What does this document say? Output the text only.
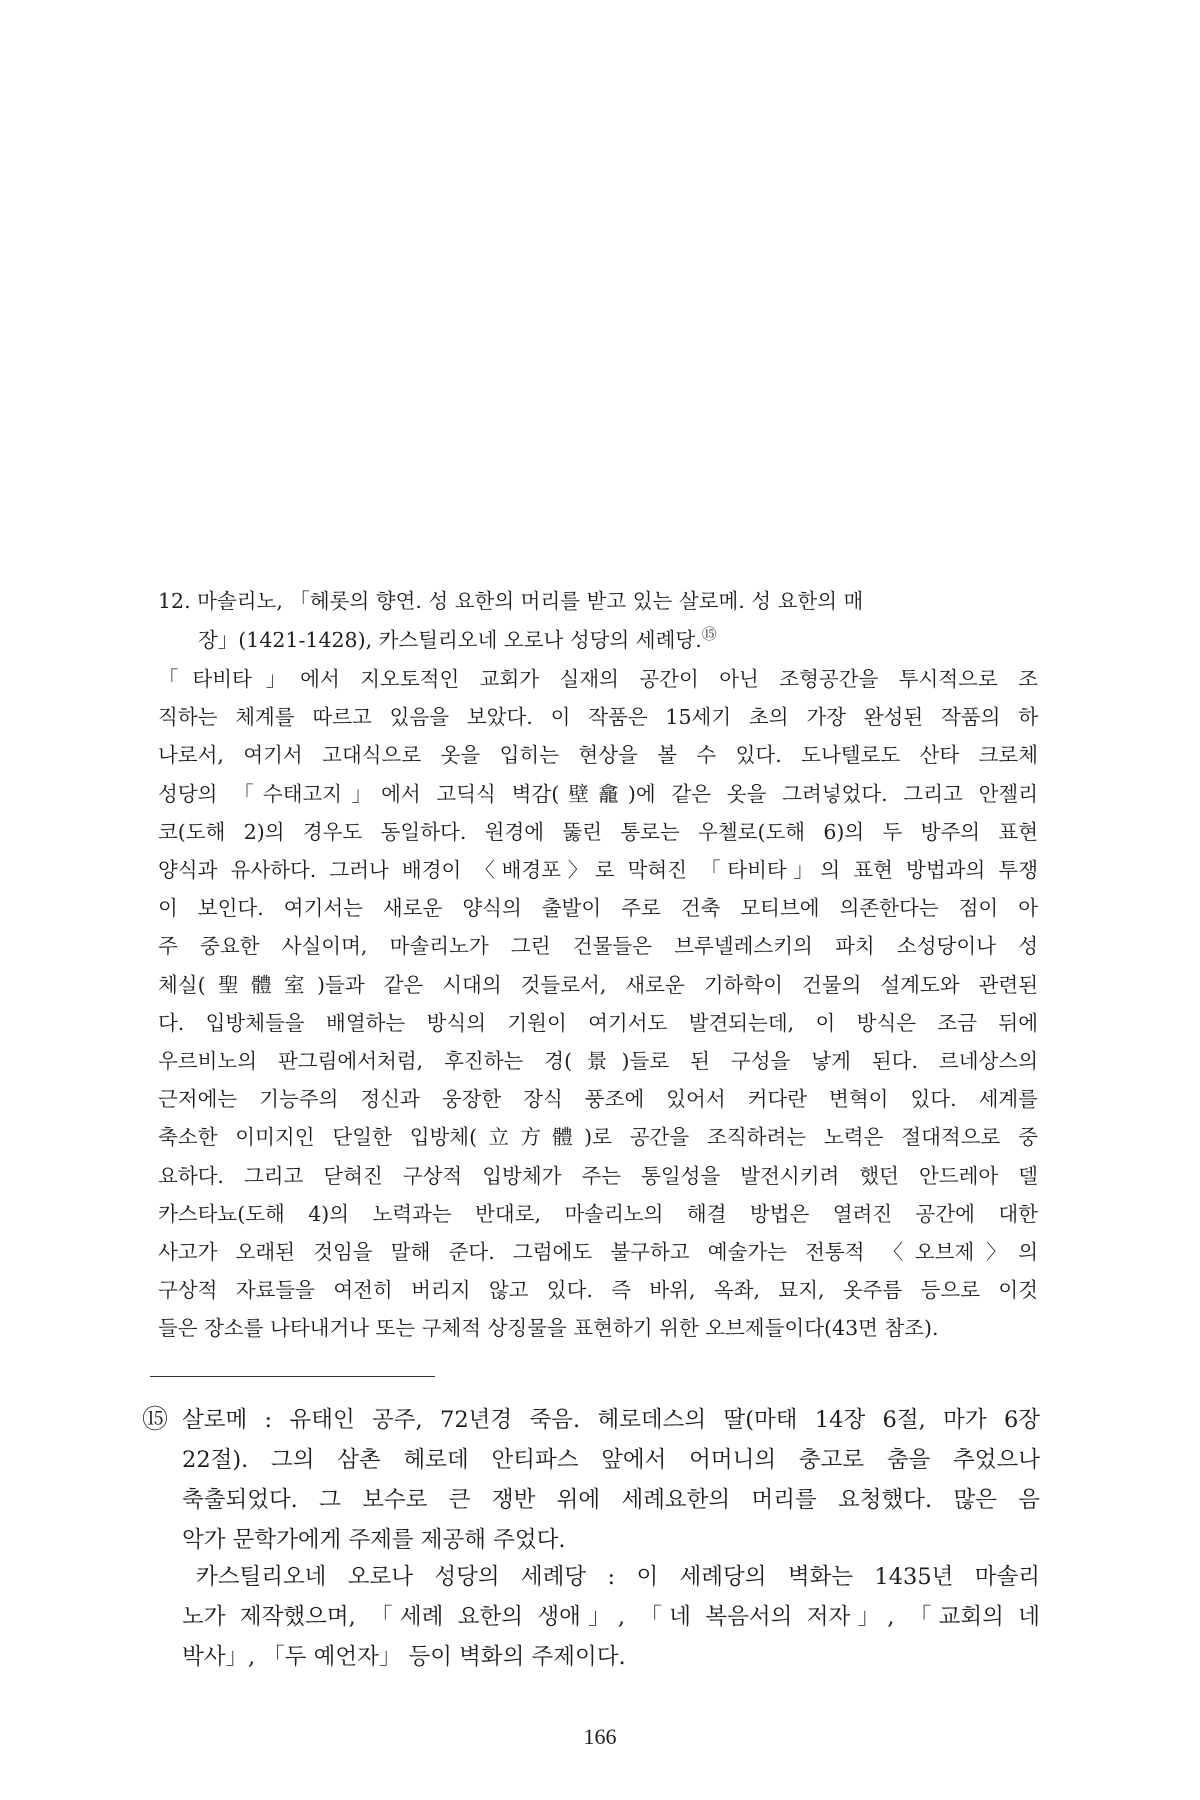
12. 마솔리노, 「헤롯의 향연. 성 요한의 머리를 받고 있는 살로메. 성 요한의 매
장」(1421-1428), 카스틸리오네 오로나 성당의 세례당.⑮
「타비타」에서 지오토적인 교회가 실재의 공간이 아닌 조형공간을 투시적으로 조
직하는 체계를 따르고 있음을 보았다. 이 작품은 15세기 초의 가장 완성된 작품의 하
나로서, 여기서 고대식으로 옷을 입히는 현상을 볼 수 있다. 도나텔로도 산타 크로체
성당의 「수태고지」에서 고딕식 벽감(壁龕)에 같은 옷을 그려넣었다. 그리고 안젤리
코(도해 2)의 경우도 동일하다. 원경에 뚫린 통로는 우첼로(도해 6)의 두 방주의 표현
양식과 유사하다. 그러나 배경이 〈배경포〉로 막혀진 「타비타」의 표현 방법과의 투쟁
이 보인다. 여기서는 새로운 양식의 출발이 주로 건축 모티브에 의존한다는 점이 아
주 중요한 사실이며, 마솔리노가 그린 건물들은 브루넬레스키의 파치 소성당이나 성
체실(聖體室)들과 같은 시대의 것들로서, 새로운 기하학이 건물의 설계도와 관련된
다. 입방체들을 배열하는 방식의 기원이 여기서도 발견되는데, 이 방식은 조금 뒤에
우르비노의 판그림에서처럼, 후진하는 경(景)들로 된 구성을 낳게 된다. 르네상스의
근저에는 기능주의 정신과 웅장한 장식 풍조에 있어서 커다란 변혁이 있다. 세계를
축소한 이미지인 단일한 입방체(立方體)로 공간을 조직하려는 노력은 절대적으로 중
요하다. 그리고 닫혀진 구상적 입방체가 주는 통일성을 발전시키려 했던 안드레아 델
카스타뇨(도해 4)의 노력과는 반대로, 마솔리노의 해결 방법은 열려진 공간에 대한
사고가 오래된 것임을 말해 준다. 그럼에도 불구하고 예술가는 전통적 〈오브제〉의
구상적 자료들을 여전히 버리지 않고 있다. 즉 바위, 옥좌, 묘지, 옷주름 등으로 이것
들은 장소를 나타내거나 또는 구체적 상징물을 표현하기 위한 오브제들이다(43면 참조).
⑮ 살로메 : 유태인 공주, 72년경 죽음. 헤로데스의 딸(마태 14장 6절, 마가 6장
22절). 그의 삼촌 헤로데 안티파스 앞에서 어머니의 충고로 춤을 추었으나
축출되었다. 그 보수로 큰 쟁반 위에 세례요한의 머리를 요청했다. 많은 음
악가 문학가에게 주제를 제공해 주었다.
카스틸리오네 오로나 성당의 세례당 : 이 세례당의 벽화는 1435년 마솔리
노가 제작했으며, 「세례 요한의 생애」, 「네 복음서의 저자」, 「교회의 네
박사」, 「두 예언자」 등이 벽화의 주제이다.
166
